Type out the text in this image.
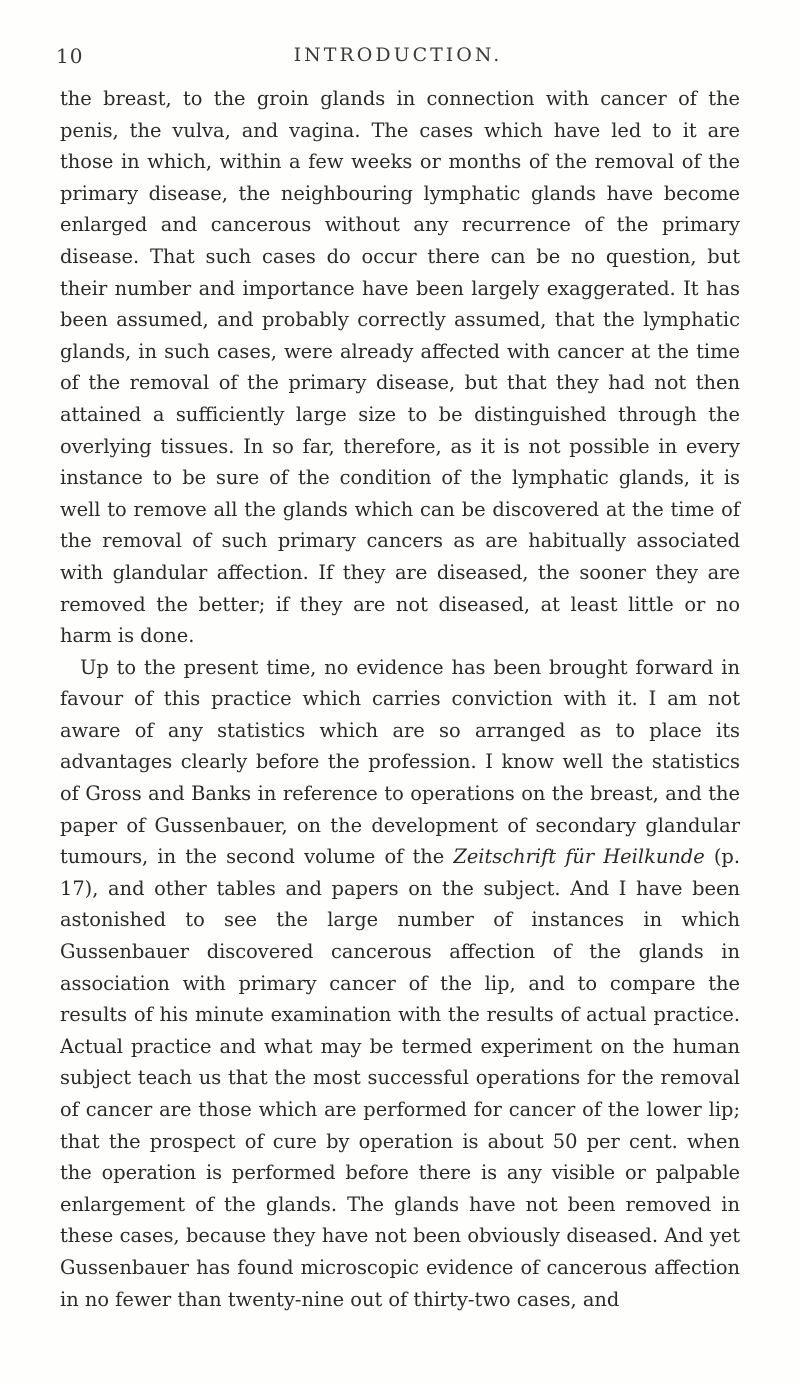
10	INTRODUCTION.

the breast, to the groin glands in connection with cancer of the penis, the vulva, and vagina. The cases which have led to it are those in which, within a few weeks or months of the removal of the primary disease, the neighbouring lymphatic glands have become enlarged and cancerous without any recurrence of the primary disease. That such cases do occur there can be no question, but their number and importance have been largely exaggerated. It has been assumed, and probably correctly assumed, that the lymphatic glands, in such cases, were already affected with cancer at the time of the removal of the primary disease, but that they had not then attained a sufficiently large size to be distinguished through the overlying tissues. In so far, therefore, as it is not possible in every instance to be sure of the condition of the lymphatic glands, it is well to remove all the glands which can be discovered at the time of the removal of such primary cancers as are habitually associated with glandular affection. If they are diseased, the sooner they are removed the better; if they are not diseased, at least little or no harm is done.

Up to the present time, no evidence has been brought forward in favour of this practice which carries conviction with it. I am not aware of any statistics which are so arranged as to place its advantages clearly before the profession. I know well the statistics of Gross and Banks in reference to operations on the breast, and the paper of Gussenbauer, on the development of secondary glandular tumours, in the second volume of the Zeitschrift für Heilkunde (p. 17), and other tables and papers on the subject. And I have been astonished to see the large number of instances in which Gussenbauer discovered cancerous affection of the glands in association with primary cancer of the lip, and to compare the results of his minute examination with the results of actual practice. Actual practice and what may be termed experiment on the human subject teach us that the most successful operations for the removal of cancer are those which are performed for cancer of the lower lip; that the prospect of cure by operation is about 50 per cent. when the operation is performed before there is any visible or palpable enlargement of the glands. The glands have not been removed in these cases, because they have not been obviously diseased. And yet Gussenbauer has found microscopic evidence of cancerous affection in no fewer than twenty-nine out of thirty-two cases, and
